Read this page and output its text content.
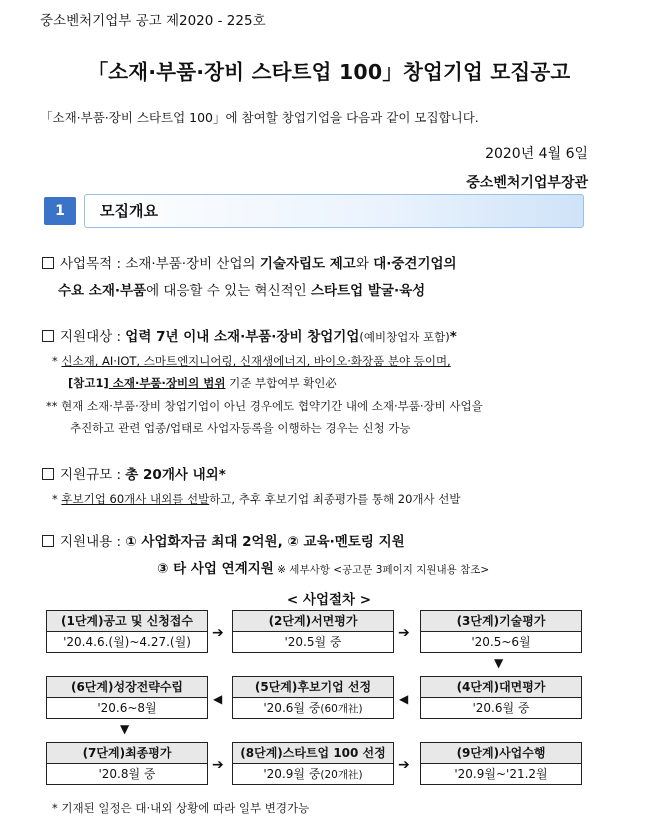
중소벤처기업부 공고 제2020 - 225호
「소재·부품·장비 스타트업 100」창업기업 모집공고
「소재·부품·장비 스타트업 100」에 참여할 창업기업을 다음과 같이 모집합니다.
2020년 4월 6일
중소벤처기업부장관
1	모집개요
사업목적 : 소재·부품·장비 산업의 기술자립도 제고와 대·중견기업의
수요 소재·부품에 대응할 수 있는 혁신적인 스타트업 발굴·육성
지원대상 : 업력 7년 이내 소재·부품·장비 창업기업(예비창업자 포함)*
* 신소재, AI·IOT, 스마트엔지니어링, 신재생에너지, 바이오·화장품 분야 등이며,
[참고1] 소재·부품·장비의 범위 기준 부합여부 확인必
** 현재 소재·부품·장비 창업기업이 아닌 경우에도 협약기간 내에 소재·부품·장비 사업을
추진하고 관련 업종/업태로 사업자등록을 이행하는 경우는 신청 가능
지원규모 : 총 20개사 내외*
* 후보기업 60개사 내외를 선발하고, 추후 후보기업 최종평가를 통해 20개사 선발
지원내용 : ① 사업화자금 최대 2억원, ② 교육·멘토링 지원
③ 타 사업 연계지원 ※ 세부사항 <공고문 3페이지 지원내용 참조>
< 사업절차 >
(1단계)공고 및 신청접수
'20.4.6.(월)~4.27.(월)
➔
(2단계)서면평가
'20.5월 중
➔
(3단계)기술평가
'20.5~6월
▼
(6단계)성장전략수립
'20.6~8월
◀
(5단계)후보기업 선정
'20.6월 중(60개社)
◀
(4단계)대면평가
'20.6월 중
▼
(7단계)최종평가
'20.8월 중
➔
(8단계)스타트업 100 선정
'20.9월 중(20개社)
➔
(9단계)사업수행
'20.9월~'21.2월
* 기재된 일정은 대·내외 상황에 따라 일부 변경가능
